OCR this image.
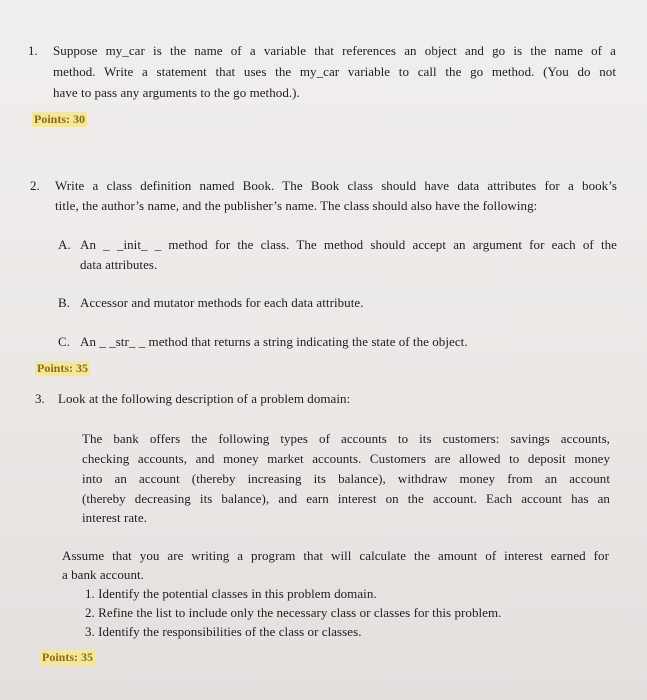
1. Suppose my_car is the name of a variable that references an object and go is the name of a
method. Write a statement that uses the my_car variable to call the go method. (You do not
have to pass any arguments to the go method.).
Points: 30
2. Write a class definition named Book. The Book class should have data attributes for a book’s
title, the author’s name, and the publisher’s name. The class should also have the following:
A. An _ _init_ _ method for the class. The method should accept an argument for each of the
data attributes.
B. Accessor and mutator methods for each data attribute.
C. An _ _str_ _ method that returns a string indicating the state of the object.
Points: 35
3. Look at the following description of a problem domain:
The bank offers the following types of accounts to its customers: savings accounts,
checking accounts, and money market accounts. Customers are allowed to deposit money
into an account (thereby increasing its balance), withdraw money from an account
(thereby decreasing its balance), and earn interest on the account. Each account has an
interest rate.
Assume that you are writing a program that will calculate the amount of interest earned for
a bank account.
1. Identify the potential classes in this problem domain.
2. Refine the list to include only the necessary class or classes for this problem.
3. Identify the responsibilities of the class or classes.
Points: 35
